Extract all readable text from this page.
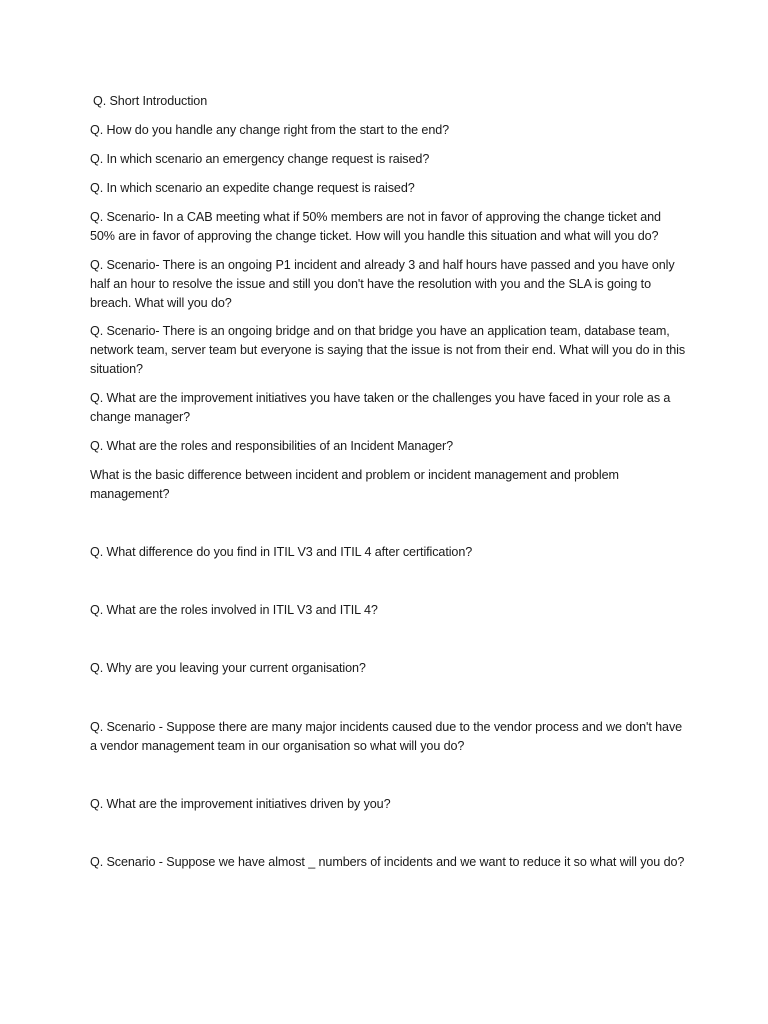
Q. Short Introduction

Q. How do you handle any change right from the start to the end?

Q. In which scenario an emergency change request is raised?

Q. In which scenario an expedite change request is raised?

Q. Scenario- In a CAB meeting what if 50% members are not in favor of approving the change ticket and 50% are in favor of approving the change ticket. How will you handle this situation and what will you do?

Q. Scenario- There is an ongoing P1 incident and already 3 and half hours have passed and you have only half an hour to resolve the issue and still you don't have the resolution with you and the SLA is going to breach. What will you do?

Q. Scenario- There is an ongoing bridge and on that bridge you have an application team, database team, network team, server team but everyone is saying that the issue is not from their end. What will you do in this situation?

Q. What are the improvement initiatives you have taken or the challenges you have faced in your role as a change manager?

Q. What are the roles and responsibilities of an Incident Manager?

What is the basic difference between incident and problem or incident management and problem management?

Q. What difference do you find in ITIL V3 and ITIL 4 after certification?

Q. What are the roles involved in ITIL V3 and ITIL 4?

Q. Why are you leaving your current organisation?

Q. Scenario - Suppose there are many major incidents caused due to the vendor process and we don't have a vendor management team in our organisation so what will you do?

Q. What are the improvement initiatives driven by you?

Q. Scenario - Suppose we have almost _ numbers of incidents and we want to reduce it so what will you do?
